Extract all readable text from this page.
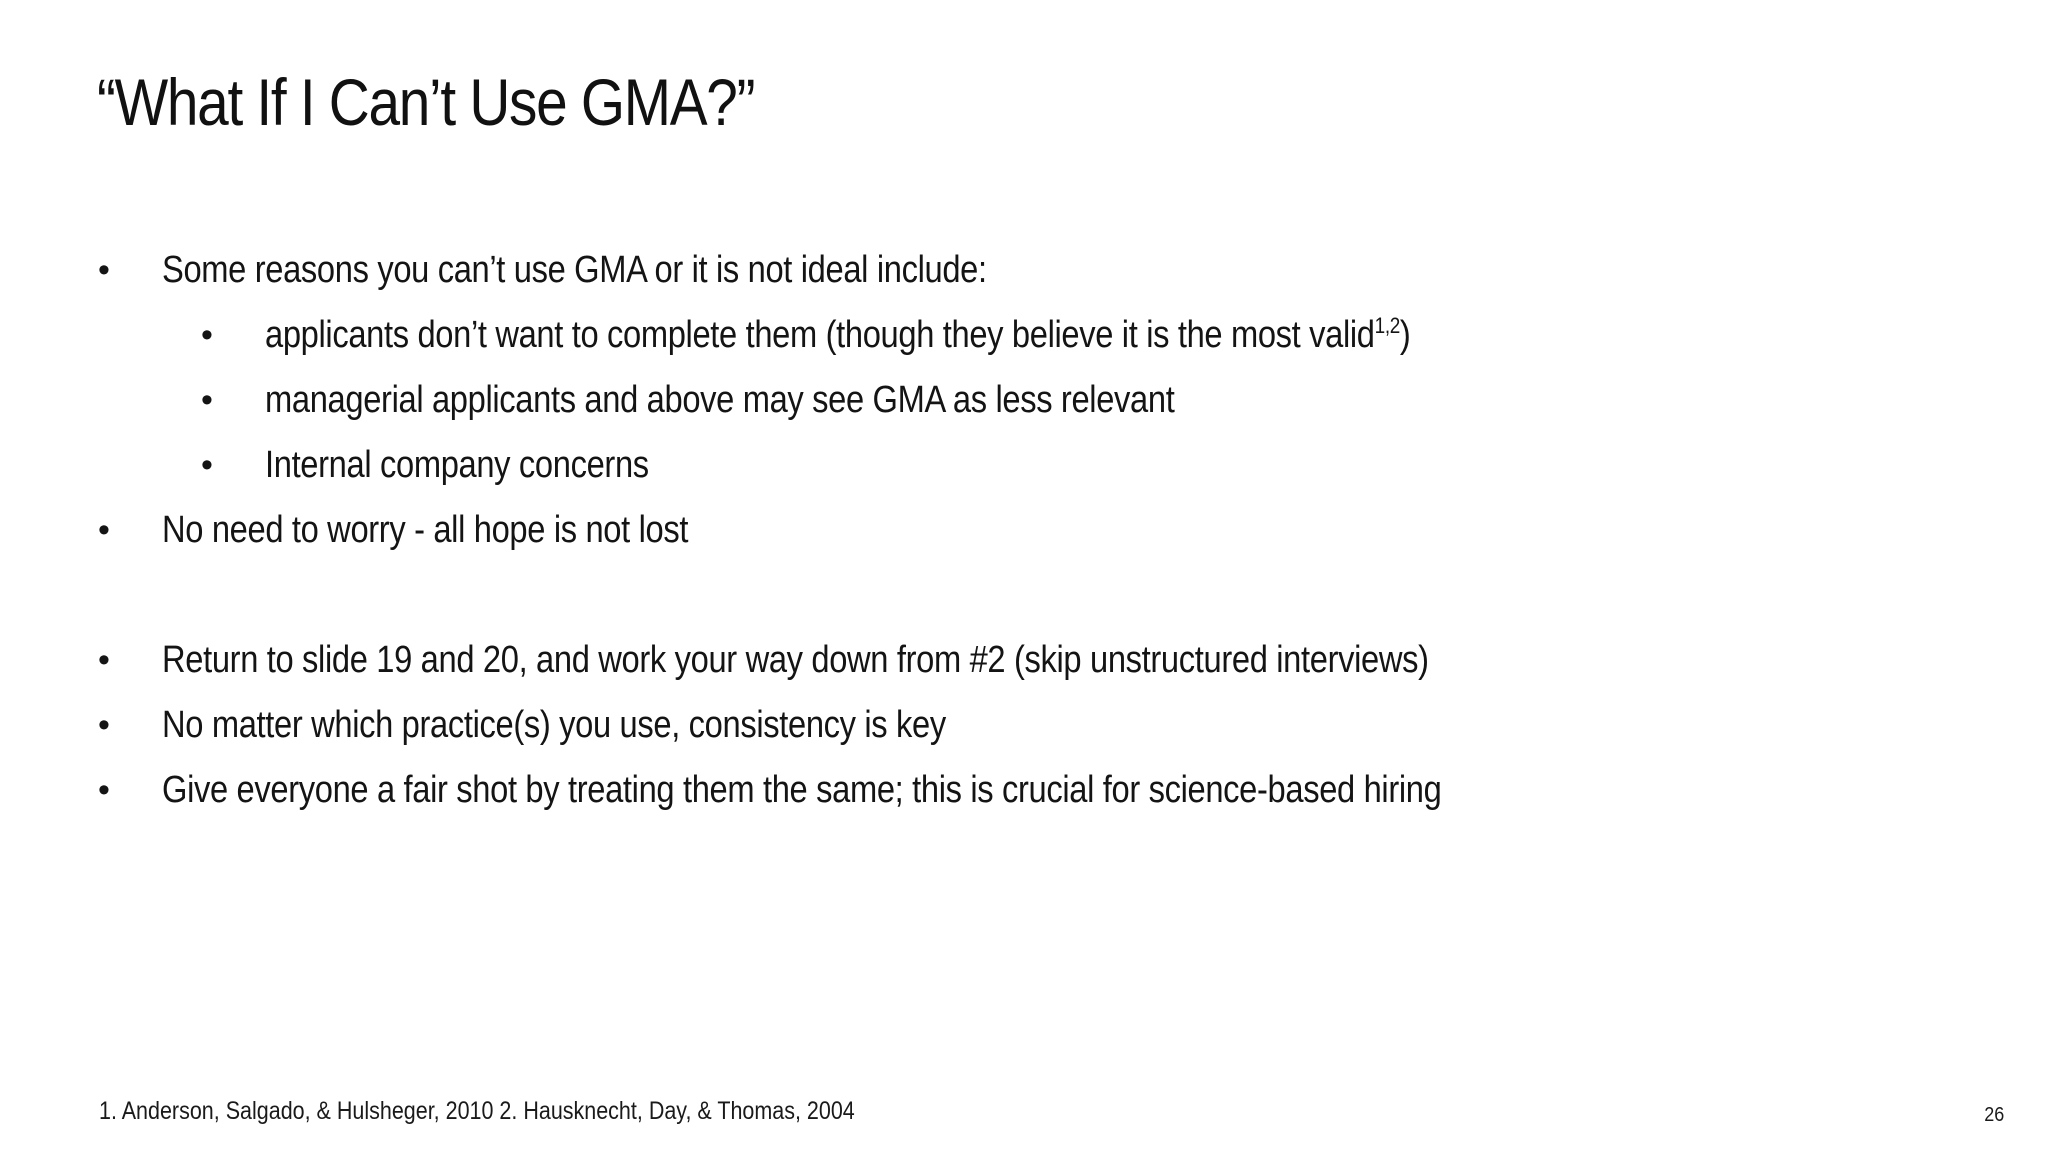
“What If I Can’t Use GMA?”
• Some reasons you can’t use GMA or it is not ideal include:
• applicants don’t want to complete them (though they believe it is the most valid$^{1,2}$)
• managerial applicants and above may see GMA as less relevant
• Internal company concerns
• No need to worry - all hope is not lost
• Return to slide 19 and 20, and work your way down from #2 (skip unstructured interviews)
• No matter which practice(s) you use, consistency is key
• Give everyone a fair shot by treating them the same; this is crucial for science-based hiring
1. Anderson, Salgado, & Hulsheger, 2010 2. Hausknecht, Day, & Thomas, 2004	26
